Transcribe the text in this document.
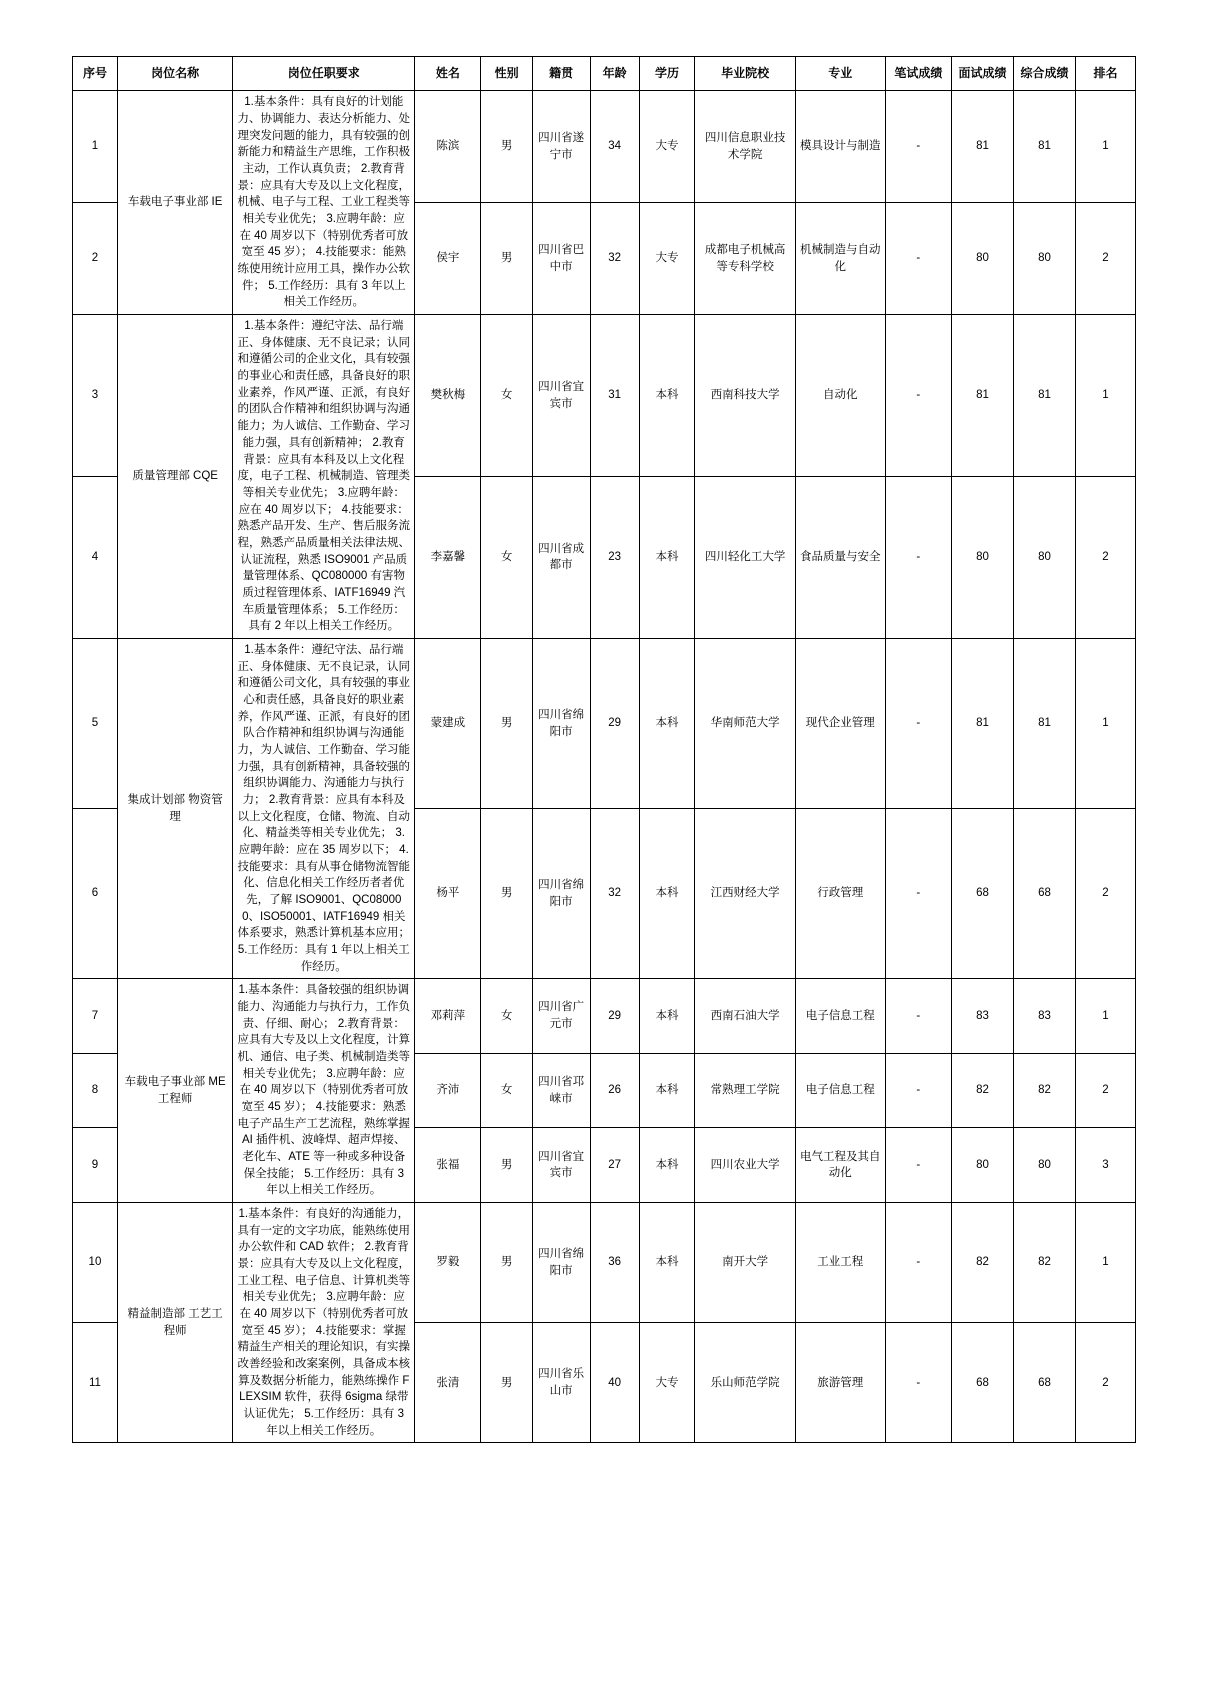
序号	岗位名称	岗位任职要求	姓名	性别	籍贯	年龄	学历	毕业院校	专业	笔试成绩	面试成绩	综合成绩	排名
1	车载电子事业部 IE	1.基本条件：具有良好的计划能力、协调能力、表达分析能力、处理突发问题的能力，具有较强的创新能力和精益生产思维，工作积极主动，工作认真负责； 2.教育背景：应具有大专及以上文化程度，机械、电子与工程、工业工程类等相关专业优先； 3.应聘年龄：应在 40 周岁以下（特别优秀者可放宽至 45 岁）； 4.技能要求：能熟练使用统计应用工具，操作办公软件； 5.工作经历：具有 3 年以上相关工作经历。	陈滨	男	四川省遂宁市	34	大专	四川信息职业技术学院	模具设计与制造	-	81	81	1
2			侯宇	男	四川省巴中市	32	大专	成都电子机械高等专科学校	机械制造与自动化	-	80	80	2
3	质量管理部 CQE	1.基本条件：遵纪守法、品行端正、身体健康、无不良记录；认同和遵循公司的企业文化，具有较强的事业心和责任感，具备良好的职业素养，作风严谨、正派，有良好的团队合作精神和组织协调与沟通能力；为人诚信、工作勤奋、学习能力强，具有创新精神； 2.教育背景：应具有本科及以上文化程度，电子工程、机械制造、管理类等相关专业优先； 3.应聘年龄：应在 40 周岁以下； 4.技能要求：熟悉产品开发、生产、售后服务流程，熟悉产品质量相关法律法规、认证流程，熟悉 ISO9001 产品质量管理体系、QC080000 有害物质过程管理体系、IATF16949 汽车质量管理体系； 5.工作经历：具有 2 年以上相关工作经历。	樊秋梅	女	四川省宜宾市	31	本科	西南科技大学	自动化	-	81	81	1
4			李嘉馨	女	四川省成都市	23	本科	四川轻化工大学	食品质量与安全	-	80	80	2
5	集成计划部 物资管理	1.基本条件：遵纪守法、品行端正、身体健康、无不良记录，认同和遵循公司文化，具有较强的事业心和责任感，具备良好的职业素养，作风严谨、正派，有良好的团队合作精神和组织协调与沟通能力，为人诚信、工作勤奋、学习能力强，具有创新精神，具备较强的组织协调能力、沟通能力与执行力； 2.教育背景：应具有本科及以上文化程度，仓储、物流、自动化、精益类等相关专业优先； 3.应聘年龄：应在 35 周岁以下； 4.技能要求：具有从事仓储物流智能化、信息化相关工作经历者者优先，了解 ISO9001、QC080000、ISO50001、IATF16949 相关体系要求，熟悉计算机基本应用； 5.工作经历：具有 1 年以上相关工作经历。	蒙建成	男	四川省绵阳市	29	本科	华南师范大学	现代企业管理	-	81	81	1
6			杨平	男	四川省绵阳市	32	本科	江西财经大学	行政管理	-	68	68	2
7	车载电子事业部 ME 工程师	1.基本条件：具备较强的组织协调能力、沟通能力与执行力，工作负责、仔细、耐心； 2.教育背景：应具有大专及以上文化程度，计算机、通信、电子类、机械制造类等相关专业优先； 3.应聘年龄：应在 40 周岁以下（特别优秀者可放宽至 45 岁）； 4.技能要求：熟悉电子产品生产工艺流程，熟练掌握 AI 插件机、波峰焊、超声焊接、老化车、ATE 等一种或多种设备保全技能； 5.工作经历：具有 3 年以上相关工作经历。	邓莉萍	女	四川省广元市	29	本科	西南石油大学	电子信息工程	-	83	83	1
8			齐沛	女	四川省邛崃市	26	本科	常熟理工学院	电子信息工程	-	82	82	2
9			张福	男	四川省宜宾市	27	本科	四川农业大学	电气工程及其自动化	-	80	80	3
10	精益制造部 工艺工程师	1.基本条件：有良好的沟通能力，具有一定的文字功底，能熟练使用办公软件和 CAD 软件； 2.教育背景：应具有大专及以上文化程度，工业工程、电子信息、计算机类等相关专业优先； 3.应聘年龄：应在 40 周岁以下（特别优秀者可放宽至 45 岁）； 4.技能要求：掌握精益生产相关的理论知识，有实操改善经验和改案案例，具备成本核算及数据分析能力，能熟练操作 FLEXSIM 软件，获得 6sigma 绿带认证优先； 5.工作经历：具有 3 年以上相关工作经历。	罗毅	男	四川省绵阳市	36	本科	南开大学	工业工程	-	82	82	1
11			张清	男	四川省乐山市	40	大专	乐山师范学院	旅游管理	-	68	68	2
